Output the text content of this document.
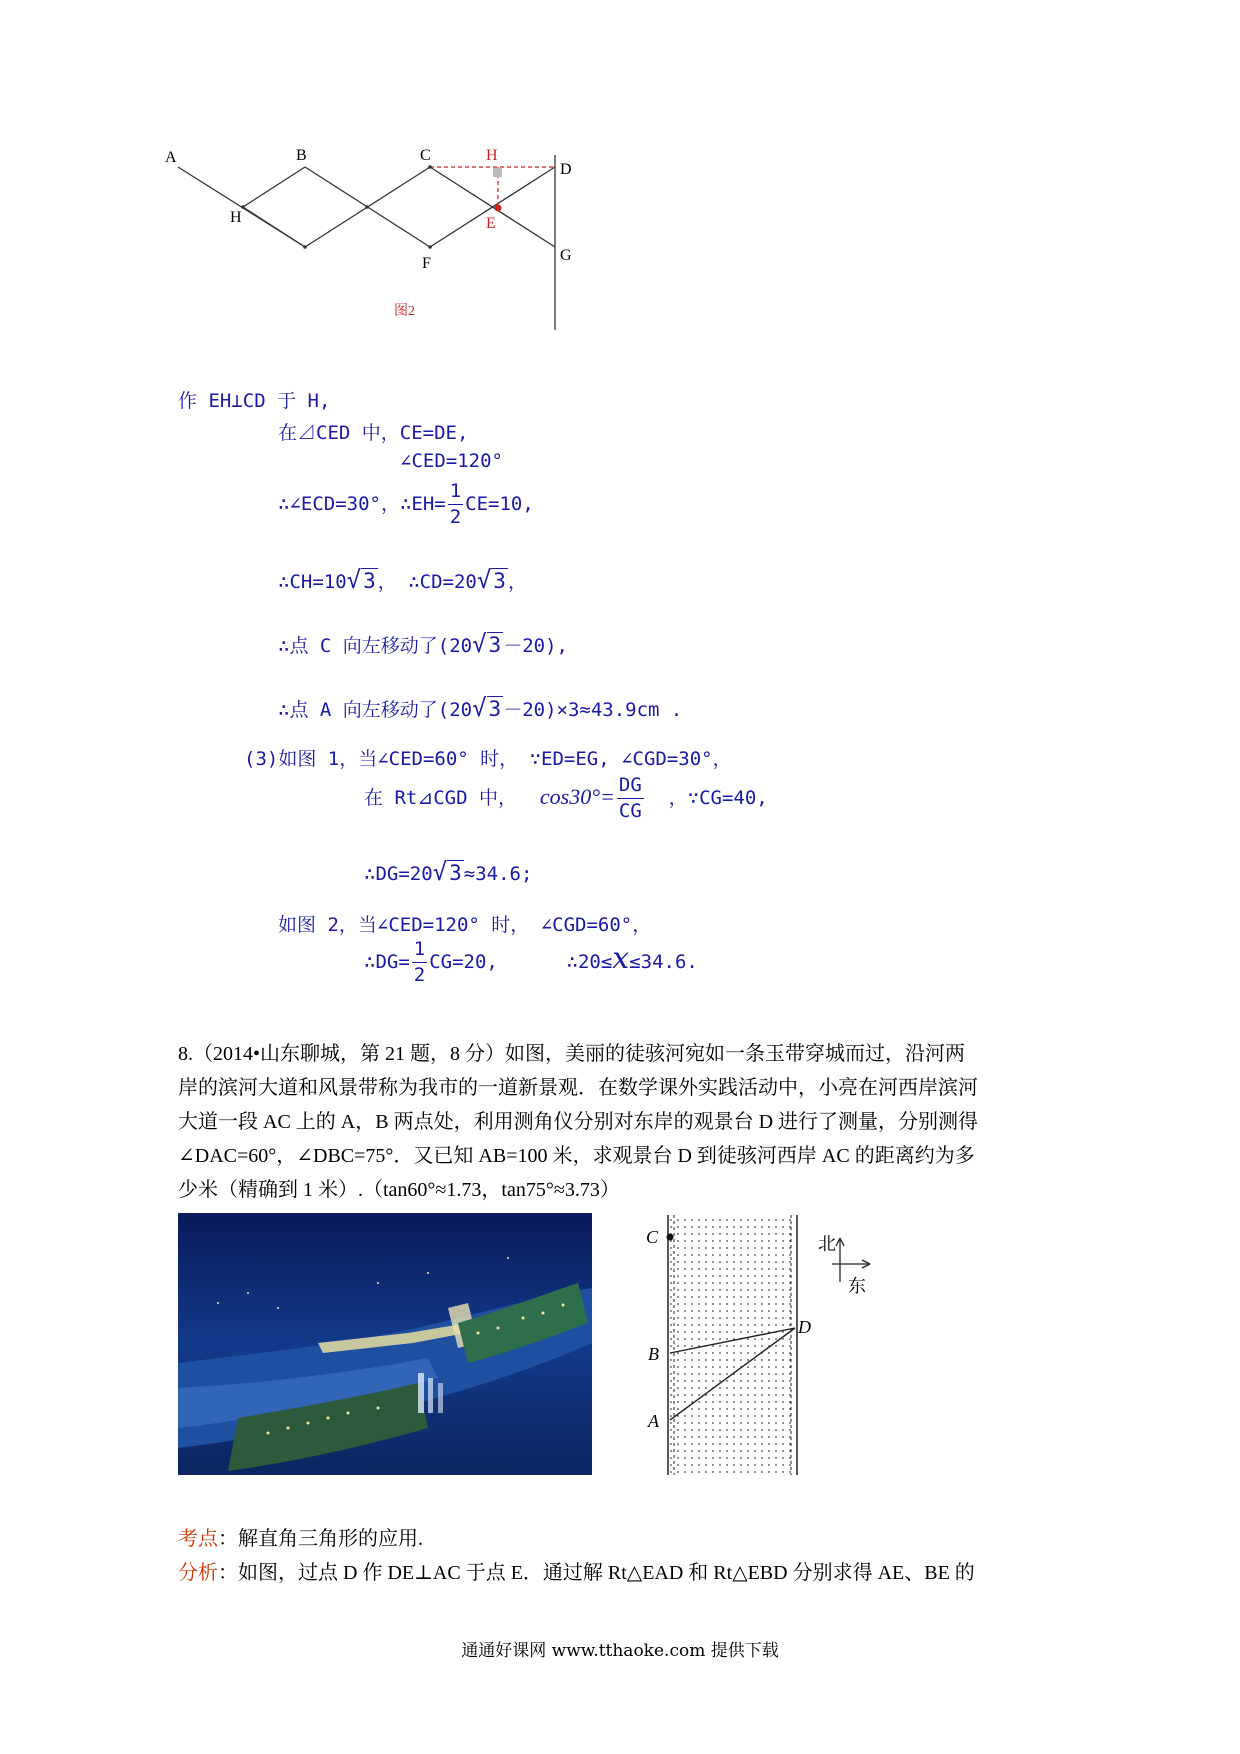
A	B	C	H
D
H	E
F	G
图2
作 EH⊥CD 于 H,
在⊿CED 中，CE=DE,
∠CED=120°
∴∠ECD=30°，∴EH= $\frac{1}{2} CE=10$,
∴CH=10√3 ， ∴CD=20√3 ，
∴点 C 向左移动了(20√3 －20),
∴点 A 向左移动了(20√3 －20)×3≈43.9cm .
(3)如图 1，当∠CED=60° 时， ∵ED=EG, ∠CGD=30°，
在 Rt⊿CGD 中， $\cos 30^\circ= \frac{DG}{CG}$ ，∵CG=40,
∴DG=20√3 ≈34.6;
如图 2，当∠CED=120° 时， ∠CGD=60°，
∴DG= $\frac{1}{2} CG=20$,	∴20≤x≤34.6.
8.（2014•山东聊城，第 21 题，8 分）如图，美丽的徒骇河宛如一条玉带穿城而过，沿河两
岸的滨河大道和风景带称为我市的一道新景观．在数学课外实践活动中，小亮在河西岸滨河
大道一段 AC 上的 A，B 两点处，利用测角仪分别对东岸的观景台 D 进行了测量，分别测得
∠DAC=60°，∠DBC=75°．又已知 AB=100 米，求观景台 D 到徒骇河西岸 AC 的距离约为多
少米（精确到 1 米）.（tan60°≈1.73，tan75°≈3.73）
C
B
A
D
北
东
考点：解直角三角形的应用.
分析：如图，过点 D 作 DE⊥AC 于点 E．通过解 Rt△EAD 和 Rt△EBD 分别求得 AE、BE 的
通通好课网 www.tthaoke.com 提供下载
